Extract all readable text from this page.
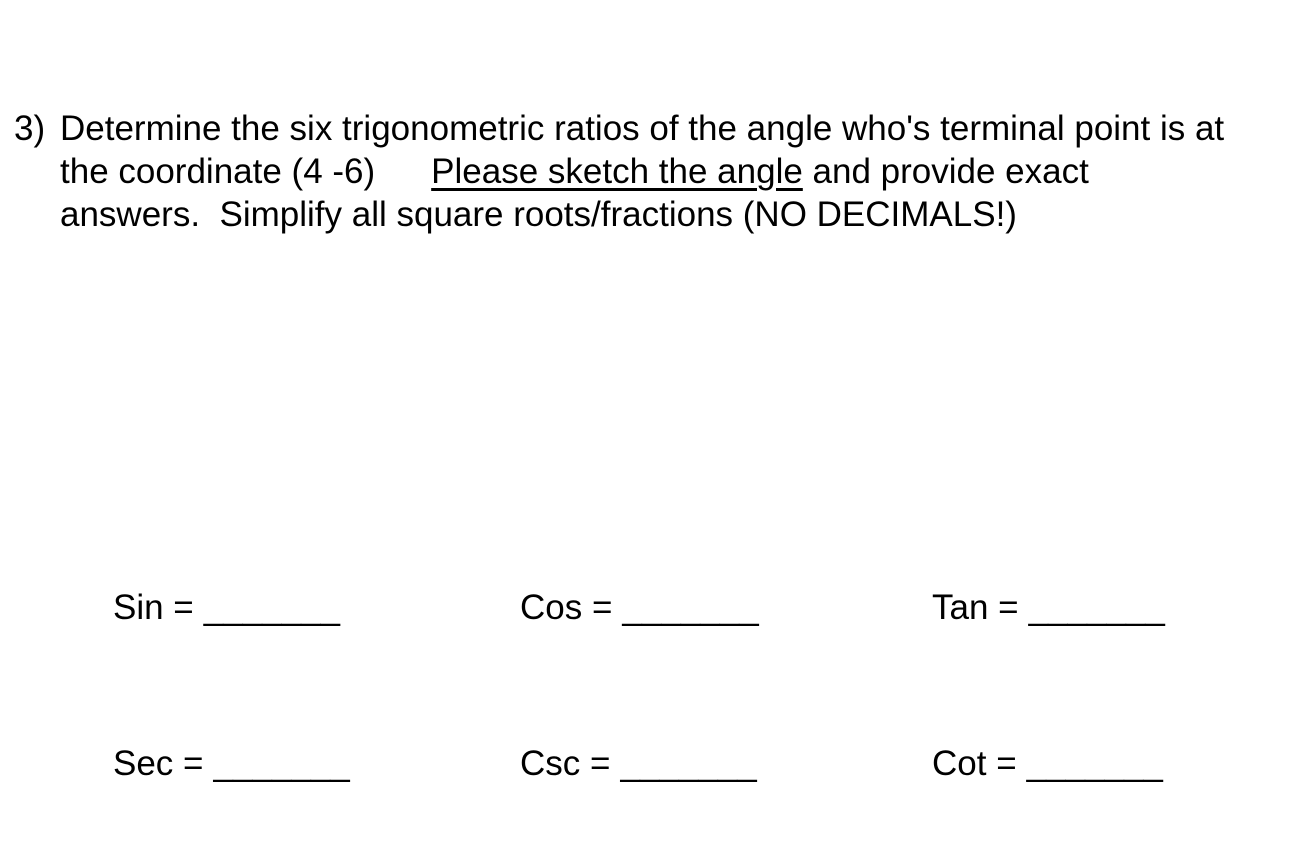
3) Determine the six trigonometric ratios of the angle who's terminal point is at
the coordinate (4 -6) Please sketch the angle and provide exact
answers.  Simplify all square roots/fractions (NO DECIMALS!)
Sin = _______	Cos = _______	Tan = _______
Sec = _______	Csc = _______	Cot = _______
